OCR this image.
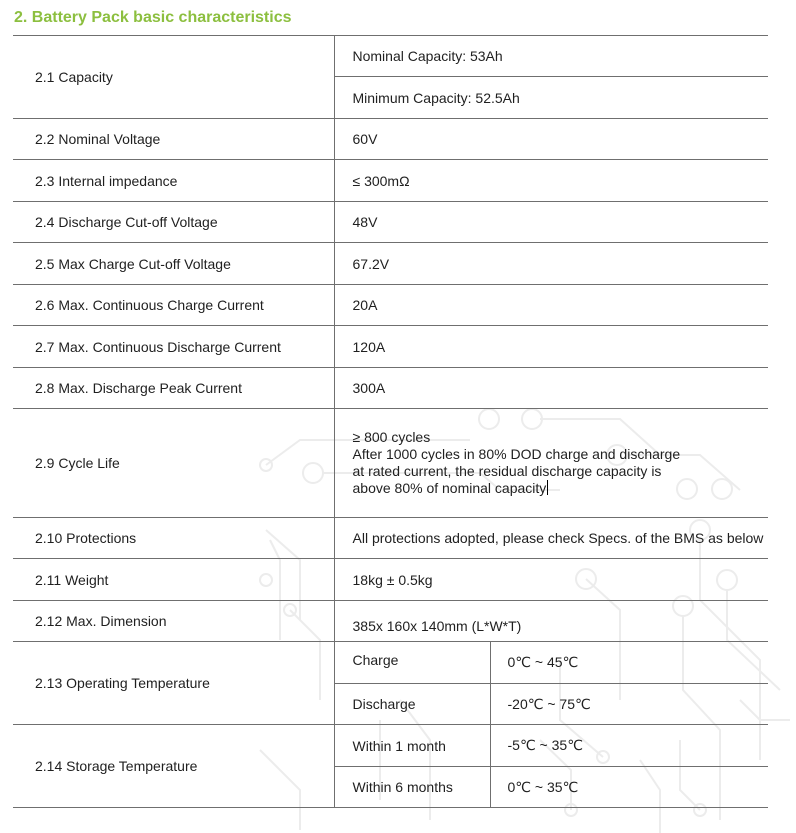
2. Battery Pack basic characteristics
2.1 Capacity	Nominal Capacity: 53Ah	
	Minimum Capacity: 52.5Ah	
2.2 Nominal Voltage	60V	
2.3 Internal impedance	≤ 300mΩ	
2.4 Discharge Cut-off Voltage	48V	
2.5 Max Charge Cut-off Voltage	67.2V	
2.6 Max. Continuous Charge Current	20A	
2.7 Max. Continuous Discharge Current	120A	
2.8 Max. Discharge Peak Current	300A	
2.9 Cycle Life	≥ 800 cycles
After 1000 cycles in 80% DOD charge and discharge
at rated current, the residual discharge capacity is
above 80% of nominal capacity	

2.10 Protections	All protections adopted, please check Specs. of the BMS as below	
2.11 Weight	18kg ± 0.5kg	
2.12 Max. Dimension	385x 160x 140mm (L*W*T)	
2.13 Operating Temperature	Charge	0℃ ~ 45℃
	Discharge	-20℃ ~ 75℃
2.14 Storage Temperature	Within 1 month	-5℃ ~ 35℃
	Within 6 months	0℃ ~ 35℃
